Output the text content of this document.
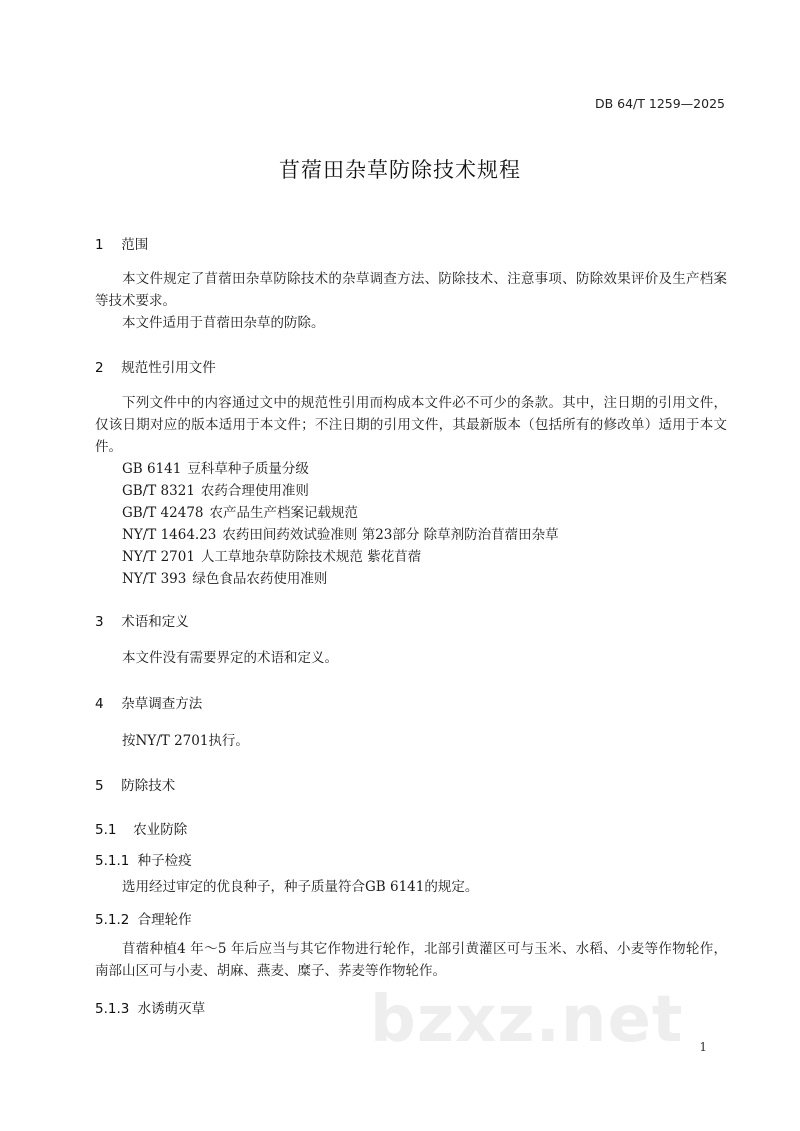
DB 64/T 1259—2025
苜蓿田杂草防除技术规程
1 范围
本文件规定了苜蓿田杂草防除技术的杂草调查方法、防除技术、注意事项、防除效果评价及生产档案等技术要求。
本文件适用于苜蓿田杂草的防除。
2 规范性引用文件
下列文件中的内容通过文中的规范性引用而构成本文件必不可少的条款。其中，注日期的引用文件，仅该日期对应的版本适用于本文件；不注日期的引用文件，其最新版本（包括所有的修改单）适用于本文件。
GB 6141 豆科草种子质量分级
GB/T 8321 农药合理使用准则
GB/T 42478 农产品生产档案记载规范
NY/T 1464.23 农药田间药效试验准则 第23部分 除草剂防治苜蓿田杂草
NY/T 2701 人工草地杂草防除技术规范 紫花苜蓿
NY/T 393 绿色食品农药使用准则
3 术语和定义
本文件没有需要界定的术语和定义。
4 杂草调查方法
按NY/T 2701执行。
5 防除技术
5.1 农业防除
5.1.1 种子检疫
选用经过审定的优良种子，种子质量符合GB 6141的规定。
5.1.2 合理轮作
苜蓿种植4 年～5 年后应当与其它作物进行轮作，北部引黄灌区可与玉米、水稻、小麦等作物轮作，南部山区可与小麦、胡麻、燕麦、糜子、荞麦等作物轮作。
5.1.3 水诱萌灭草	bzxz.net 1
